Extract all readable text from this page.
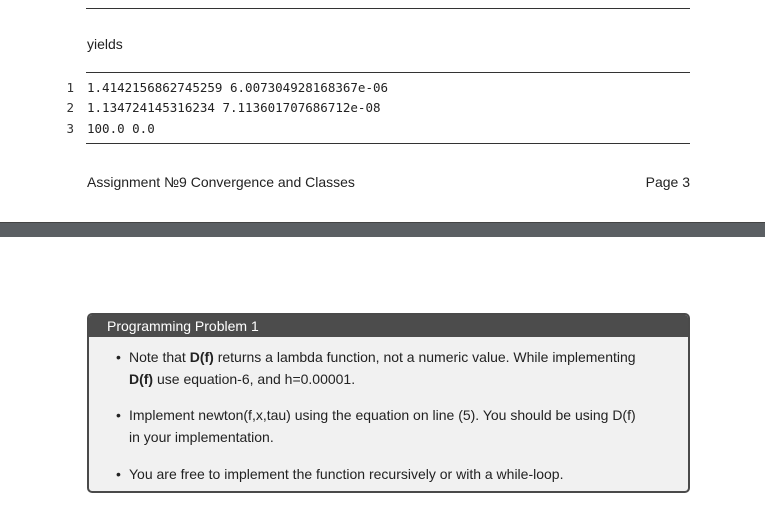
yields
1 1.4142156862745259 6.007304928168367e-06
2 1.134724145316234 7.113601707686712e-08
3 100.0 0.0
Assignment №9 Convergence and Classes	Page 3
Programming Problem 1
• Note that D(f) returns a lambda function, not a numeric value. While implementing
D(f) use equation-6, and h=0.00001.
• Implement newton(f,x,tau) using the equation on line (5). You should be using D(f)
in your implementation.
• You are free to implement the function recursively or with a while-loop.
